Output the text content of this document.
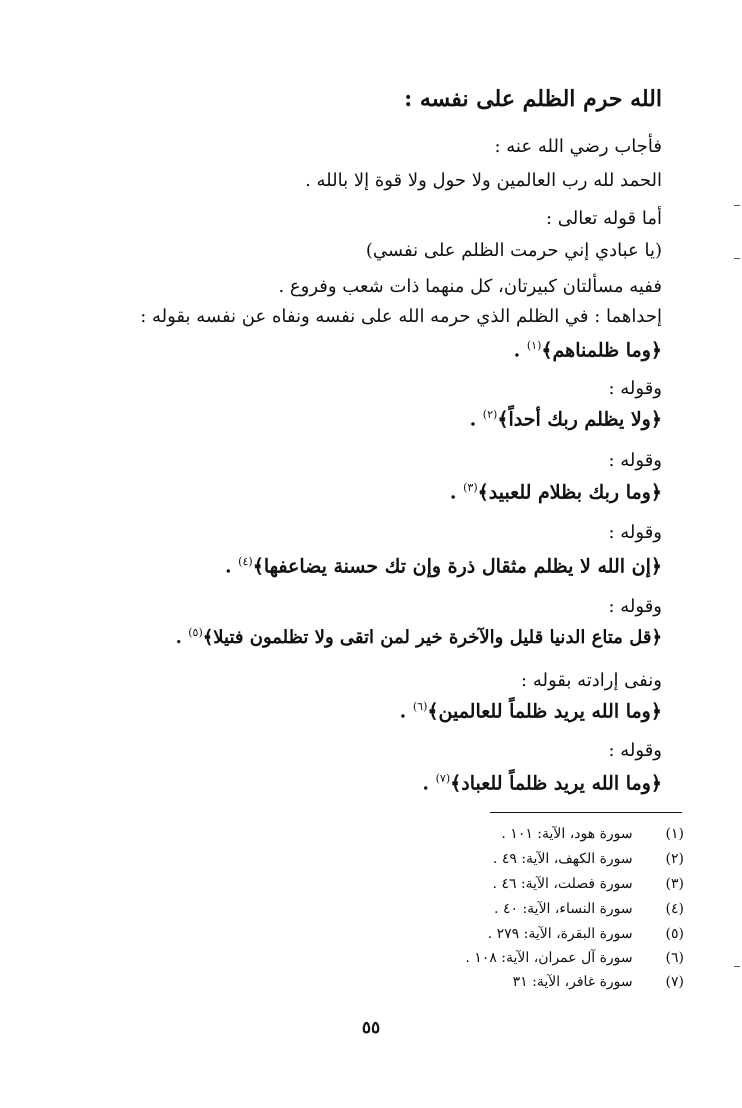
الله حرم الظلم على نفسه :
فأجاب رضي الله عنه :
الحمد لله رب العالمين ولا حول ولا قوة إلا بالله .
أما قوله تعالى :
(يا عبادي إني حرمت الظلم على نفسي)
ففيه مسألتان كبيرتان، كل منهما ذات شعب وفروع .
إحداهما : في الظلم الذي حرمه الله على نفسه ونفاه عن نفسه بقوله :
﴿وما ظلمناهم﴾$^{(١)}$ .
وقوله :
﴿ولا يظلم ربك أحداً﴾$^{(٢)}$ .
وقوله :
﴿وما ربك بظلام للعبيد﴾$^{(٣)}$ .
وقوله :
﴿إن الله لا يظلم مثقال ذرة وإن تك حسنة يضاعفها﴾$^{(٤)}$ .
وقوله :
﴿قل متاع الدنيا قليل والآخرة خير لمن اتقى ولا تظلمون فتيلا﴾$^{(٥)}$ .
ونفى إرادته بقوله :
﴿وما الله يريد ظلماً للعالمين﴾$^{(٦)}$ .
وقوله :
﴿وما الله يريد ظلماً للعباد﴾$^{(٧)}$ .
(١)   سورة هود، الآية: ١٠١ .
(٢)   سورة الكهف، الآية: ٤٩ .
(٣)   سورة فصلت، الآية: ٤٦ .
(٤)   سورة النساء، الآية: ٤٠ .
(٥)   سورة البقرة، الآية: ٢٧٩ .
(٦)   سورة آل عمران، الآية: ١٠٨ .
(٧)   سورة غافر، الآية: ٣١
٥٥
